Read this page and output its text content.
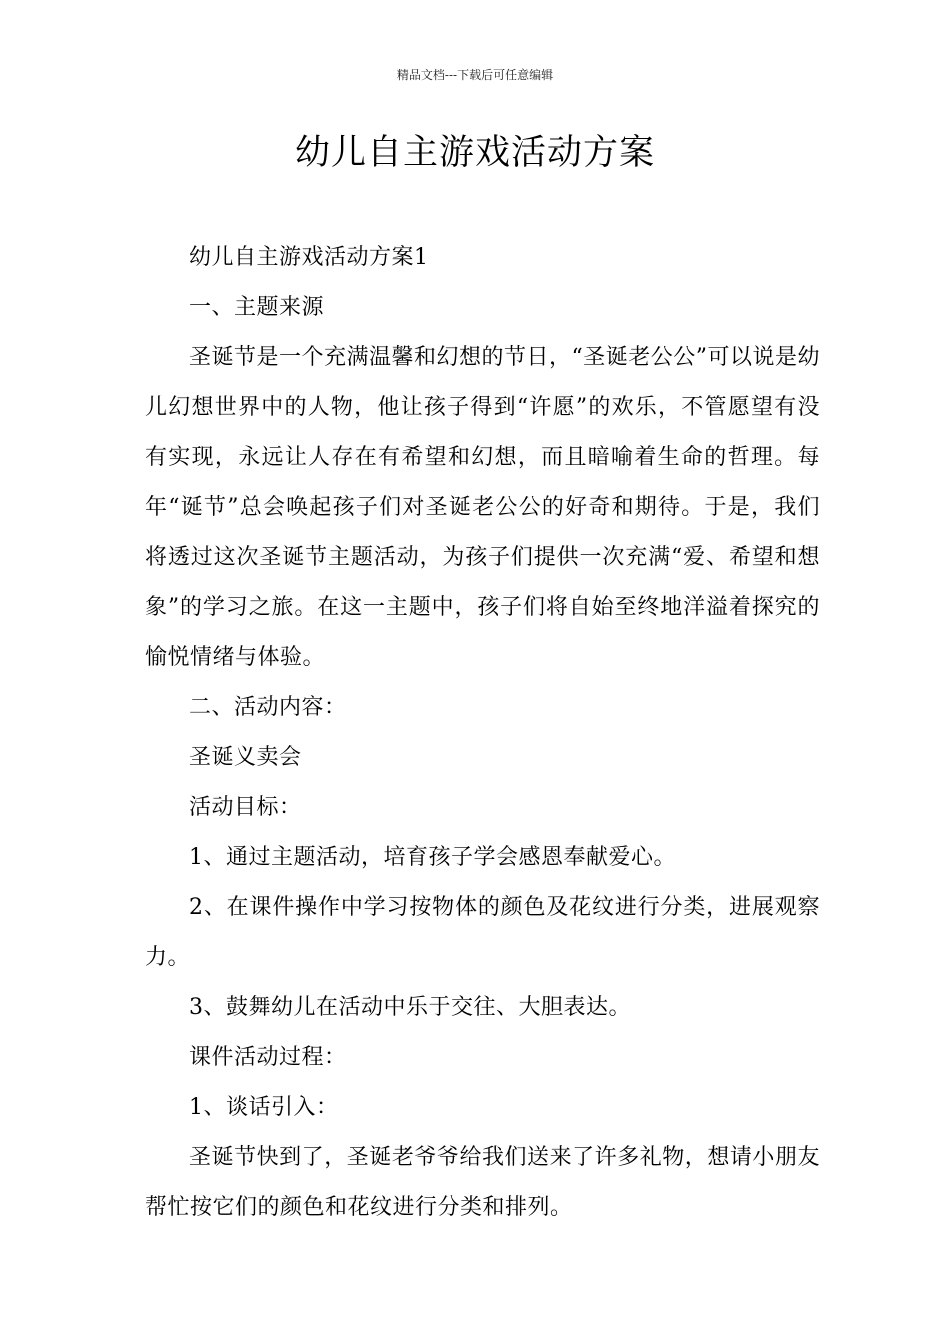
精品文档---下载后可任意编辑
幼儿自主游戏活动方案

幼儿自主游戏活动方案1

一、主题来源

圣诞节是一个充满温馨和幻想的节日，“圣诞老公公”可以说是幼儿幻想世界中的人物，他让孩子得到“许愿”的欢乐，不管愿望有没有实现，永远让人存在有希望和幻想，而且暗喻着生命的哲理。每年“诞节”总会唤起孩子们对圣诞老公公的好奇和期待。于是，我们将透过这次圣诞节主题活动，为孩子们提供一次充满“爱、希望和想象”的学习之旅。在这一主题中，孩子们将自始至终地洋溢着探究的愉悦情绪与体验。

二、活动内容：

圣诞义卖会

活动目标：

1、通过主题活动，培育孩子学会感恩奉献爱心。

2、在课件操作中学习按物体的颜色及花纹进行分类，进展观察力。

3、鼓舞幼儿在活动中乐于交往、大胆表达。

课件活动过程：

1、谈话引入：

圣诞节快到了，圣诞老爷爷给我们送来了许多礼物，想请小朋友帮忙按它们的颜色和花纹进行分类和排列。
